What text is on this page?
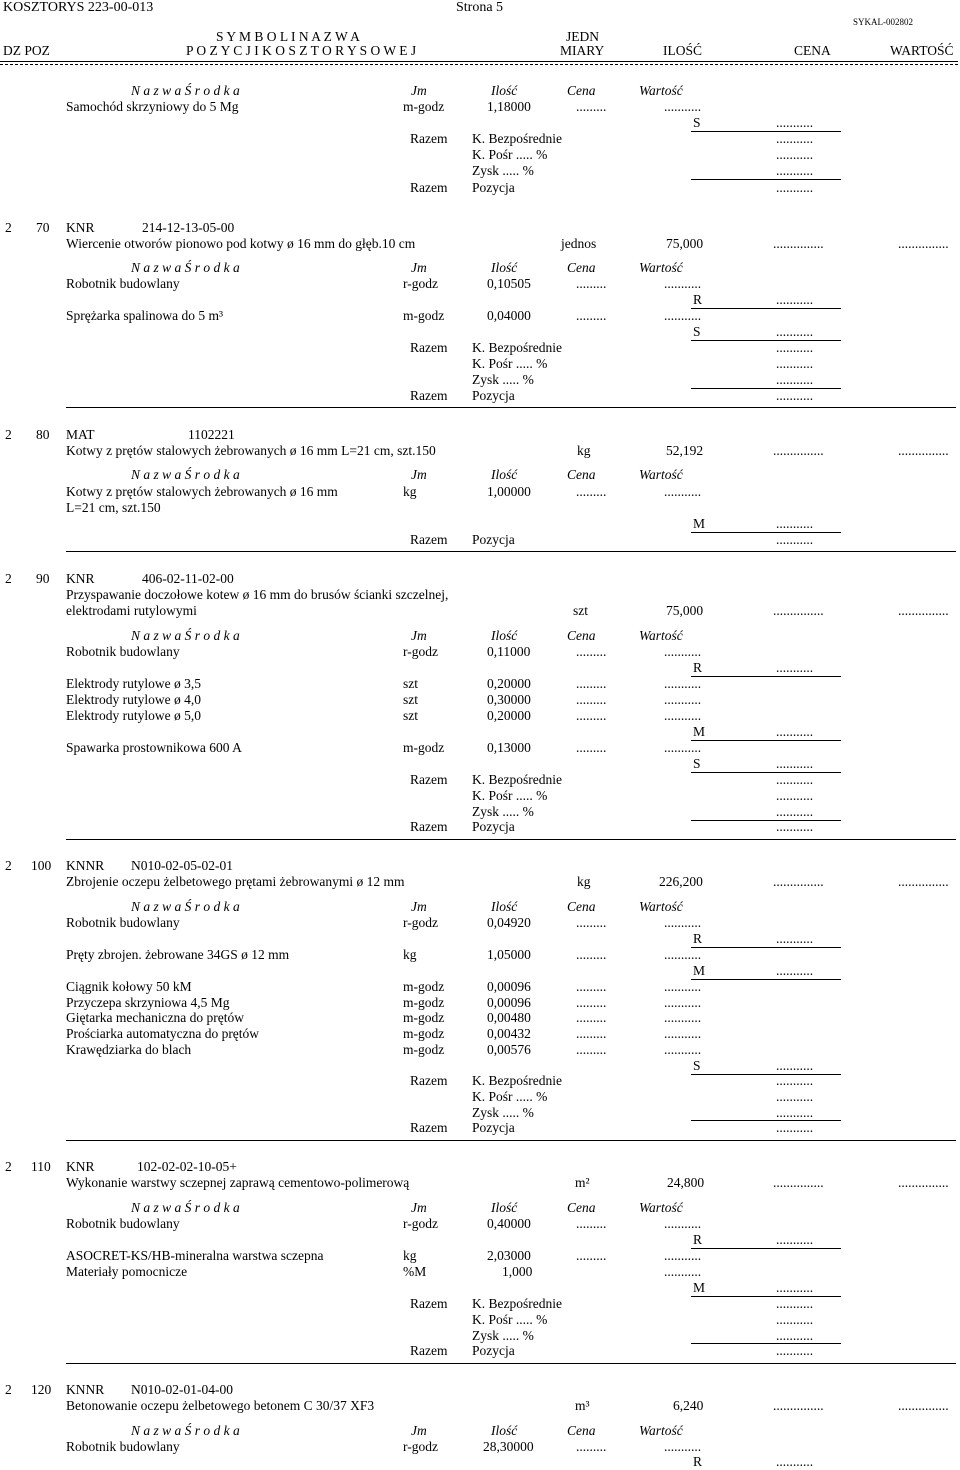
KOSZTORYS 223-00-013	Strona 5
SYKAL-002802
S Y M B O L I N A Z W A
DZ POZ	P O Z Y C J I K O S Z T O R Y S O W E J
JEDN
MIARY	ILOŚĆ	CENA	WARTOŚĆ
N a z w a Ś r o d k a	Jm	Ilość	Cena	Wartość
Samochód skrzyniowy do 5 Mg	m-godz	1,18000	.........	...........
S	...........
Razem K. Bezpośrednie	...........
K. Pośr ..... %	...........
Zysk ..... %	...........
Razem Pozycja	...........
2 70 KNR	214-12-13-05-00
Wiercenie otworów pionowo pod kotwy ø 16 mm do głęb.10 cm	jednos	75,000	...............	...............
N a z w a Ś r o d k a	Jm	Ilość	Cena	Wartość
Robotnik budowlany	r-godz	0,10505	.........	...........
R	...........
Sprężarka spalinowa do 5 m³	m-godz	0,04000	.........	...........
S	...........
Razem K. Bezpośrednie	...........
K. Pośr ..... %	...........
Zysk ..... %	...........
Razem Pozycja	...........
2 80 MAT	1102221
Kotwy z prętów stalowych żebrowanych ø 16 mm L=21 cm, szt.150	kg	52,192	...............	...............
N a z w a Ś r o d k a	Jm	Ilość	Cena	Wartość
Kotwy z prętów stalowych żebrowanych ø 16 mm
L=21 cm, szt.150
kg	1,00000	.........	...........
M	...........
Razem Pozycja	...........
2 90 KNR	406-02-11-02-00
Przyspawanie doczołowe kotew ø 16 mm do brusów ścianki szczelnej,
elektrodami rutylowymi	szt	75,000	...............	...............
N a z w a Ś r o d k a	Jm	Ilość	Cena	Wartość
Robotnik budowlany	r-godz	0,11000	.........	...........
R	...........
Elektrody rutylowe ø 3,5	szt	0,20000	.........	...........
Elektrody rutylowe ø 4,0	szt	0,30000	.........	...........
Elektrody rutylowe ø 5,0	szt	0,20000	.........	...........
M	...........
Spawarka prostownikowa 600 A	m-godz	0,13000	.........	...........
S	...........
Razem K. Bezpośrednie	...........
K. Pośr ..... %	...........
Zysk ..... %	...........
Razem Pozycja	...........
2 100 KNNR N010-02-05-02-01
Zbrojenie oczepu żelbetowego prętami żebrowanymi ø 12 mm	kg	226,200	...............	...............
N a z w a Ś r o d k a	Jm	Ilość	Cena	Wartość
Robotnik budowlany	r-godz	0,04920	.........	...........
R	...........
Pręty zbrojen. żebrowane 34GS ø 12 mm	kg	1,05000	.........	...........
M	...........
Ciągnik kołowy 50 kM	m-godz	0,00096	.........	...........
Przyczepa skrzyniowa 4,5 Mg	m-godz	0,00096	.........	...........
Giętarka mechaniczna do prętów	m-godz	0,00480	.........	...........
Prościarka automatyczna do prętów	m-godz	0,00432	.........	...........
Krawędziarka do blach	m-godz	0,00576	.........	...........
S	...........
Razem K. Bezpośrednie	...........
K. Pośr ..... %	...........
Zysk ..... %	...........
Razem Pozycja	...........
2 110 KNR	102-02-02-10-05+
Wykonanie warstwy sczepnej zaprawą cementowo-polimerową	m²	24,800	...............	...............
N a z w a Ś r o d k a	Jm	Ilość	Cena	Wartość
Robotnik budowlany	r-godz	0,40000	.........	...........
R	...........
ASOCRET-KS/HB-mineralna warstwa sczepna	kg	2,03000	.........	...........
Materiały pomocnicze	%M	1,000	...........
M	...........
Razem K. Bezpośrednie	...........
K. Pośr ..... %	...........
Zysk ..... %	...........
Razem Pozycja	...........
2 120 KNNR N010-02-01-04-00
Betonowanie oczepu żelbetowego betonem C 30/37 XF3	m³	6,240	...............	...............
N a z w a Ś r o d k a	Jm	Ilość	Cena	Wartość
Robotnik budowlany	r-godz	28,30000	.........	...........
R	...........
